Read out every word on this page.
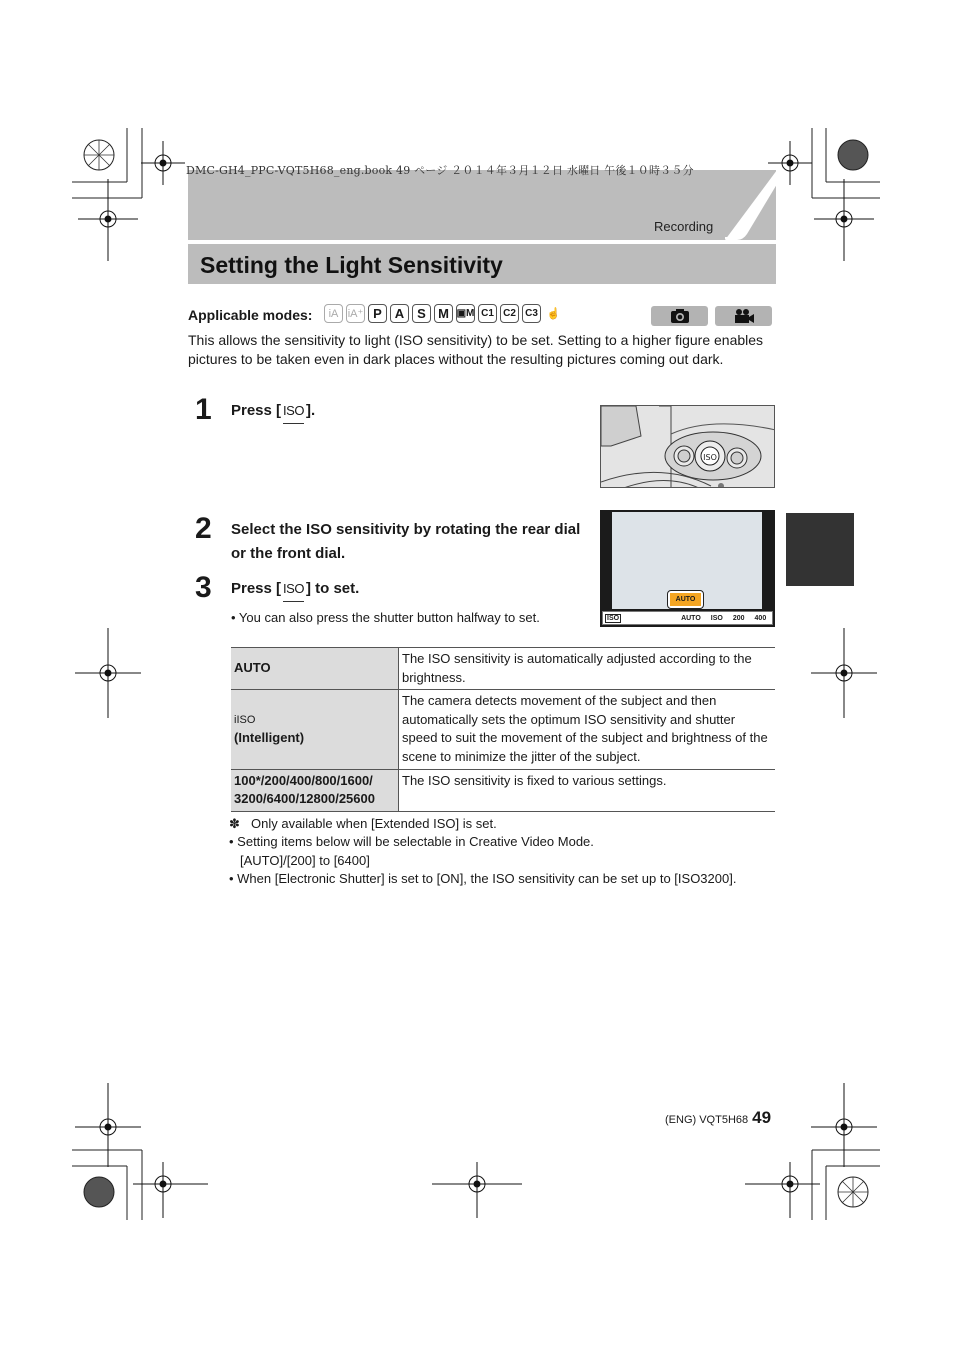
DMC-GH4_PPC-VQT5H68_eng.book 49 ページ ２０１４年３月１２日 水曜日 午後１０時３５分
Recording
Setting the Light Sensitivity
Applicable modes:	iA iA⁺ P A S M ▣M C1 C2 C3 ☝
This allows the sensitivity to light (ISO sensitivity) to be set. Setting to a higher figure enables pictures to be taken even in dark places without the resulting pictures coming out dark.
1 Press [ ISO ].
ISO
2 Select the ISO sensitivity by rotating the rear dial or the front dial.
3 Press [ ISO ] to set.
• You can also press the shutter button halfway to set.
AUTO
ISO	AUTO ISO 200 400
AUTO	The ISO sensitivity is automatically adjusted according to the brightness.

iISO
(Intelligent)	The camera detects movement of the subject and then automatically sets the optimum ISO sensitivity and shutter speed to suit the movement of the subject and brightness of the scene to minimize the jitter of the subject.
100*/200/400/800/1600/ 3200/6400/12800/25600	The ISO sensitivity is fixed to various settings.
✽ Only available when [Extended ISO] is set.
• Setting items below will be selectable in Creative Video Mode.
[AUTO]/[200] to [6400]
• When [Electronic Shutter] is set to [ON], the ISO sensitivity can be set up to [ISO3200].
(ENG) VQT5H68 49
